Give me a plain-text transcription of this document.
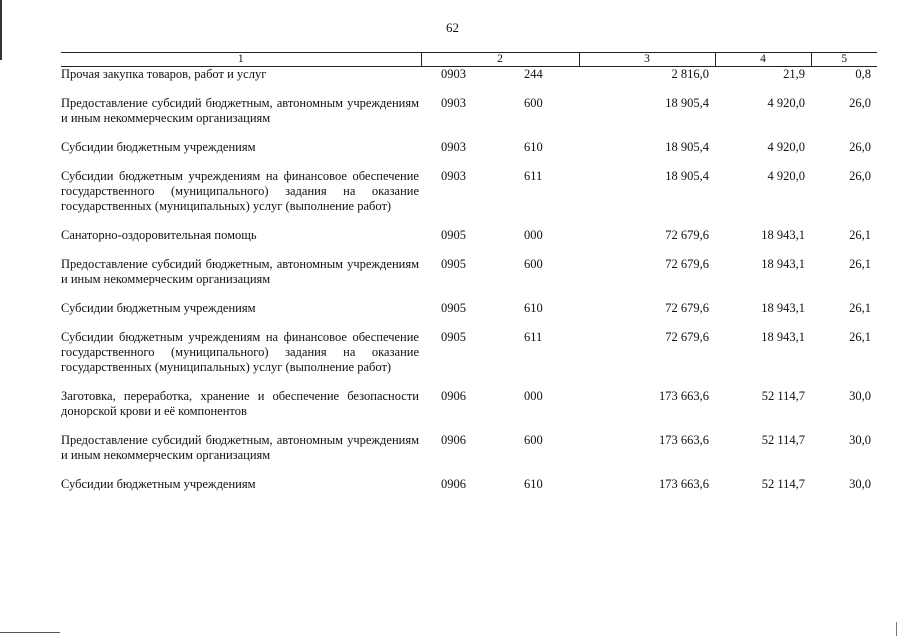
62
1	2		3	4	5
Прочая закупка товаров, работ и услуг	0903	244	2 816,0	21,9	0,8

Предоставление субсидий бюджетным, автономным учреждениям и иным некоммерческим организациям	0903	600	18 905,4	4 920,0	26,0

Субсидии бюджетным учреждениям	0903	610	18 905,4	4 920,0	26,0

Субсидии бюджетным учреждениям на финансовое обеспечение государственного (муниципального) задания на оказание государственных (муниципальных) услуг (выполнение работ)	0903	611	18 905,4	4 920,0	26,0

Санаторно-оздоровительная помощь	0905	000	72 679,6	18 943,1	26,1

Предоставление субсидий бюджетным, автономным учреждениям и иным некоммерческим организациям	0905	600	72 679,6	18 943,1	26,1

Субсидии бюджетным учреждениям	0905	610	72 679,6	18 943,1	26,1

Субсидии бюджетным учреждениям на финансовое обеспечение государственного (муниципального) задания на оказание государственных (муниципальных) услуг (выполнение работ)	0905	611	72 679,6	18 943,1	26,1

Заготовка, переработка, хранение и обеспечение безопасности донорской крови и её компонентов	0906	000	173 663,6	52 114,7	30,0

Предоставление субсидий бюджетным, автономным учреждениям и иным некоммерческим организациям	0906	600	173 663,6	52 114,7	30,0

Субсидии бюджетным учреждениям	0906	610	173 663,6	52 114,7	30,0
